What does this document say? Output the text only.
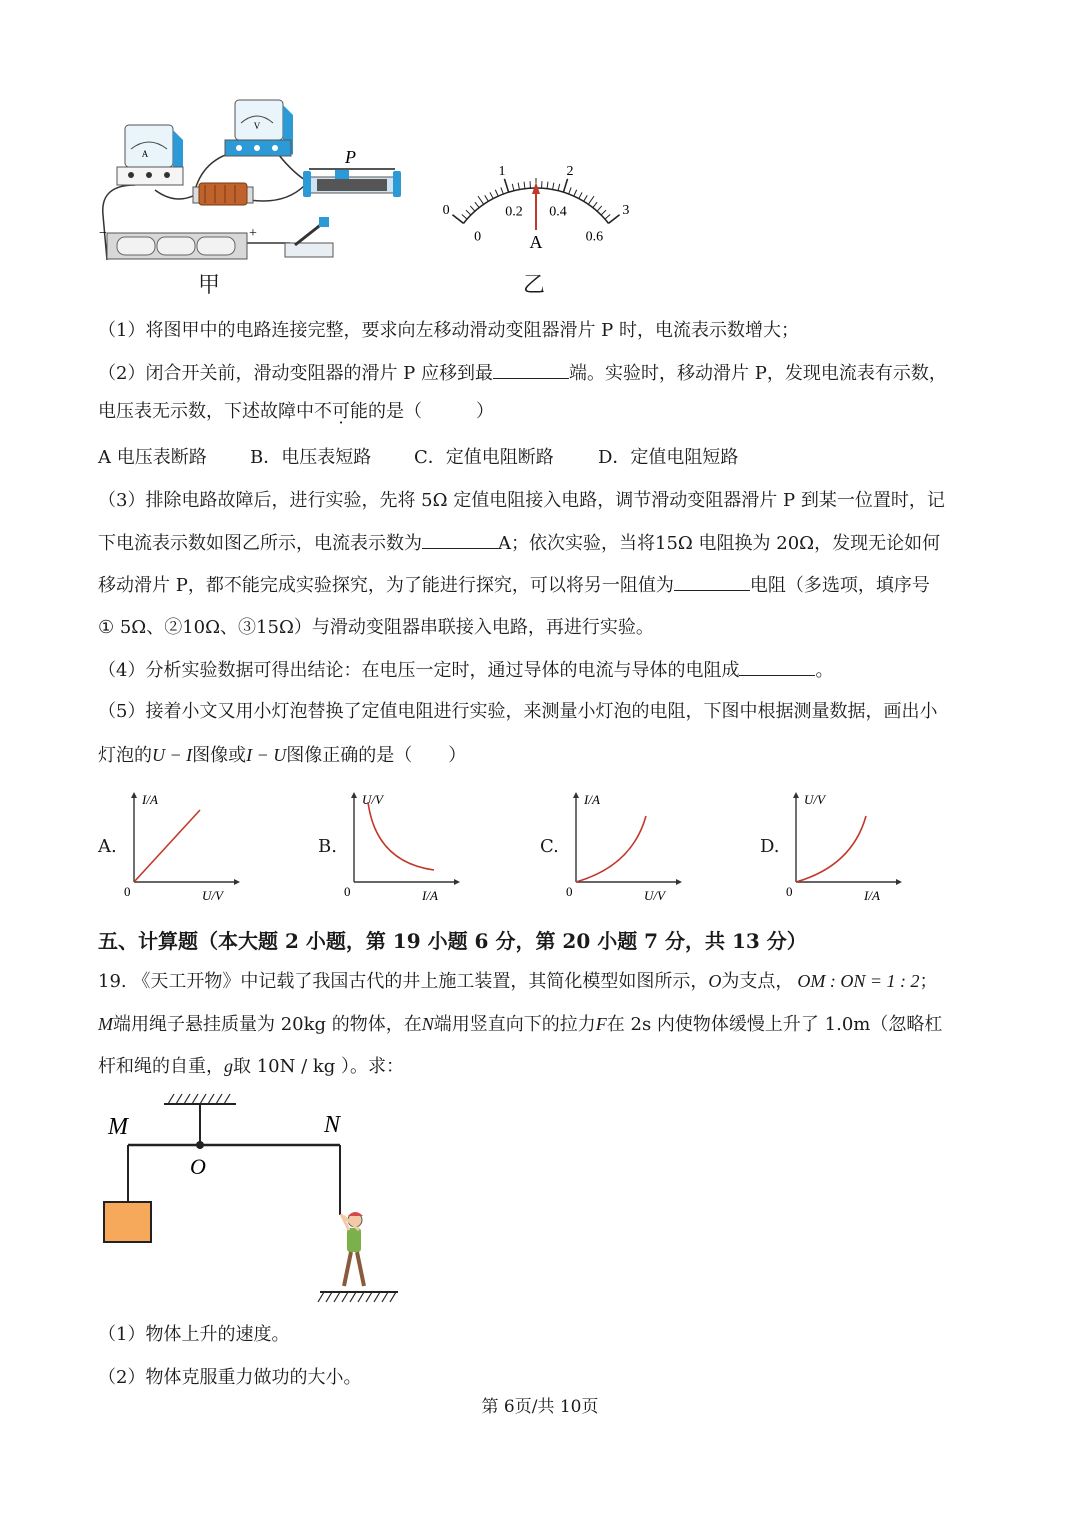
A
V
P
−	+
甲
0
1	2
3
0
0.2 0.4
0.6
A
乙
（1）将图甲中的电路连接完整，要求向左移动滑动变阻器滑片 P 时，电流表示数增大；
（2）闭合开关前，滑动变阻器的滑片 P 应移到最	端。实验时，移动滑片 P，发现电流表有示数，
电压表无示数，下述故障中不可能的是（　　　）
A 电压表断路 B．电压表短路 C．定值电阻断路 D．定值电阻短路
（3）排除电路故障后，进行实验，先将 5Ω 定值电阻接入电路，调节滑动变阻器滑片 P 到某一位置时，记
下电流表示数如图乙所示，电流表示数为	A；依次实验，当将15Ω 电阻换为 20Ω，发现无论如何
移动滑片 P，都不能完成实验探究，为了能进行探究，可以将另一阻值为	电阻（多选项，填序号
① 5Ω、②10Ω、③15Ω）与滑动变阻器串联接入电路，再进行实验。
（4）分析实验数据可得出结论：在电压一定时，通过导体的电流与导体的电阻成	。
（5）接着小文又用小灯泡替换了定值电阻进行实验，来测量小灯泡的电阻，下图中根据测量数据，画出小
灯泡的U − I图像或I − U图像正确的是（　　）
A.	B.	C.	D.
I/A
U/V
0
U/V
I/A
0
I/A
U/V
0
U/V
I/A
0
五、计算题（本大题 2 小题，第 19 小题 6 分，第 20 小题 7 分，共 13 分）
19. 《天工开物》中记载了我国古代的井上施工装置，其简化模型如图所示，O为支点， OM : ON = 1 : 2；
M端用绳子悬挂质量为 20kg 的物体，在N端用竖直向下的拉力F在 2s 内使物体缓慢上升了 1.0m（忽略杠
杆和绳的自重，g取 10N / kg ）。求：
M	N
O
（1）物体上升的速度。
（2）物体克服重力做功的大小。
第 6页/共 10页
